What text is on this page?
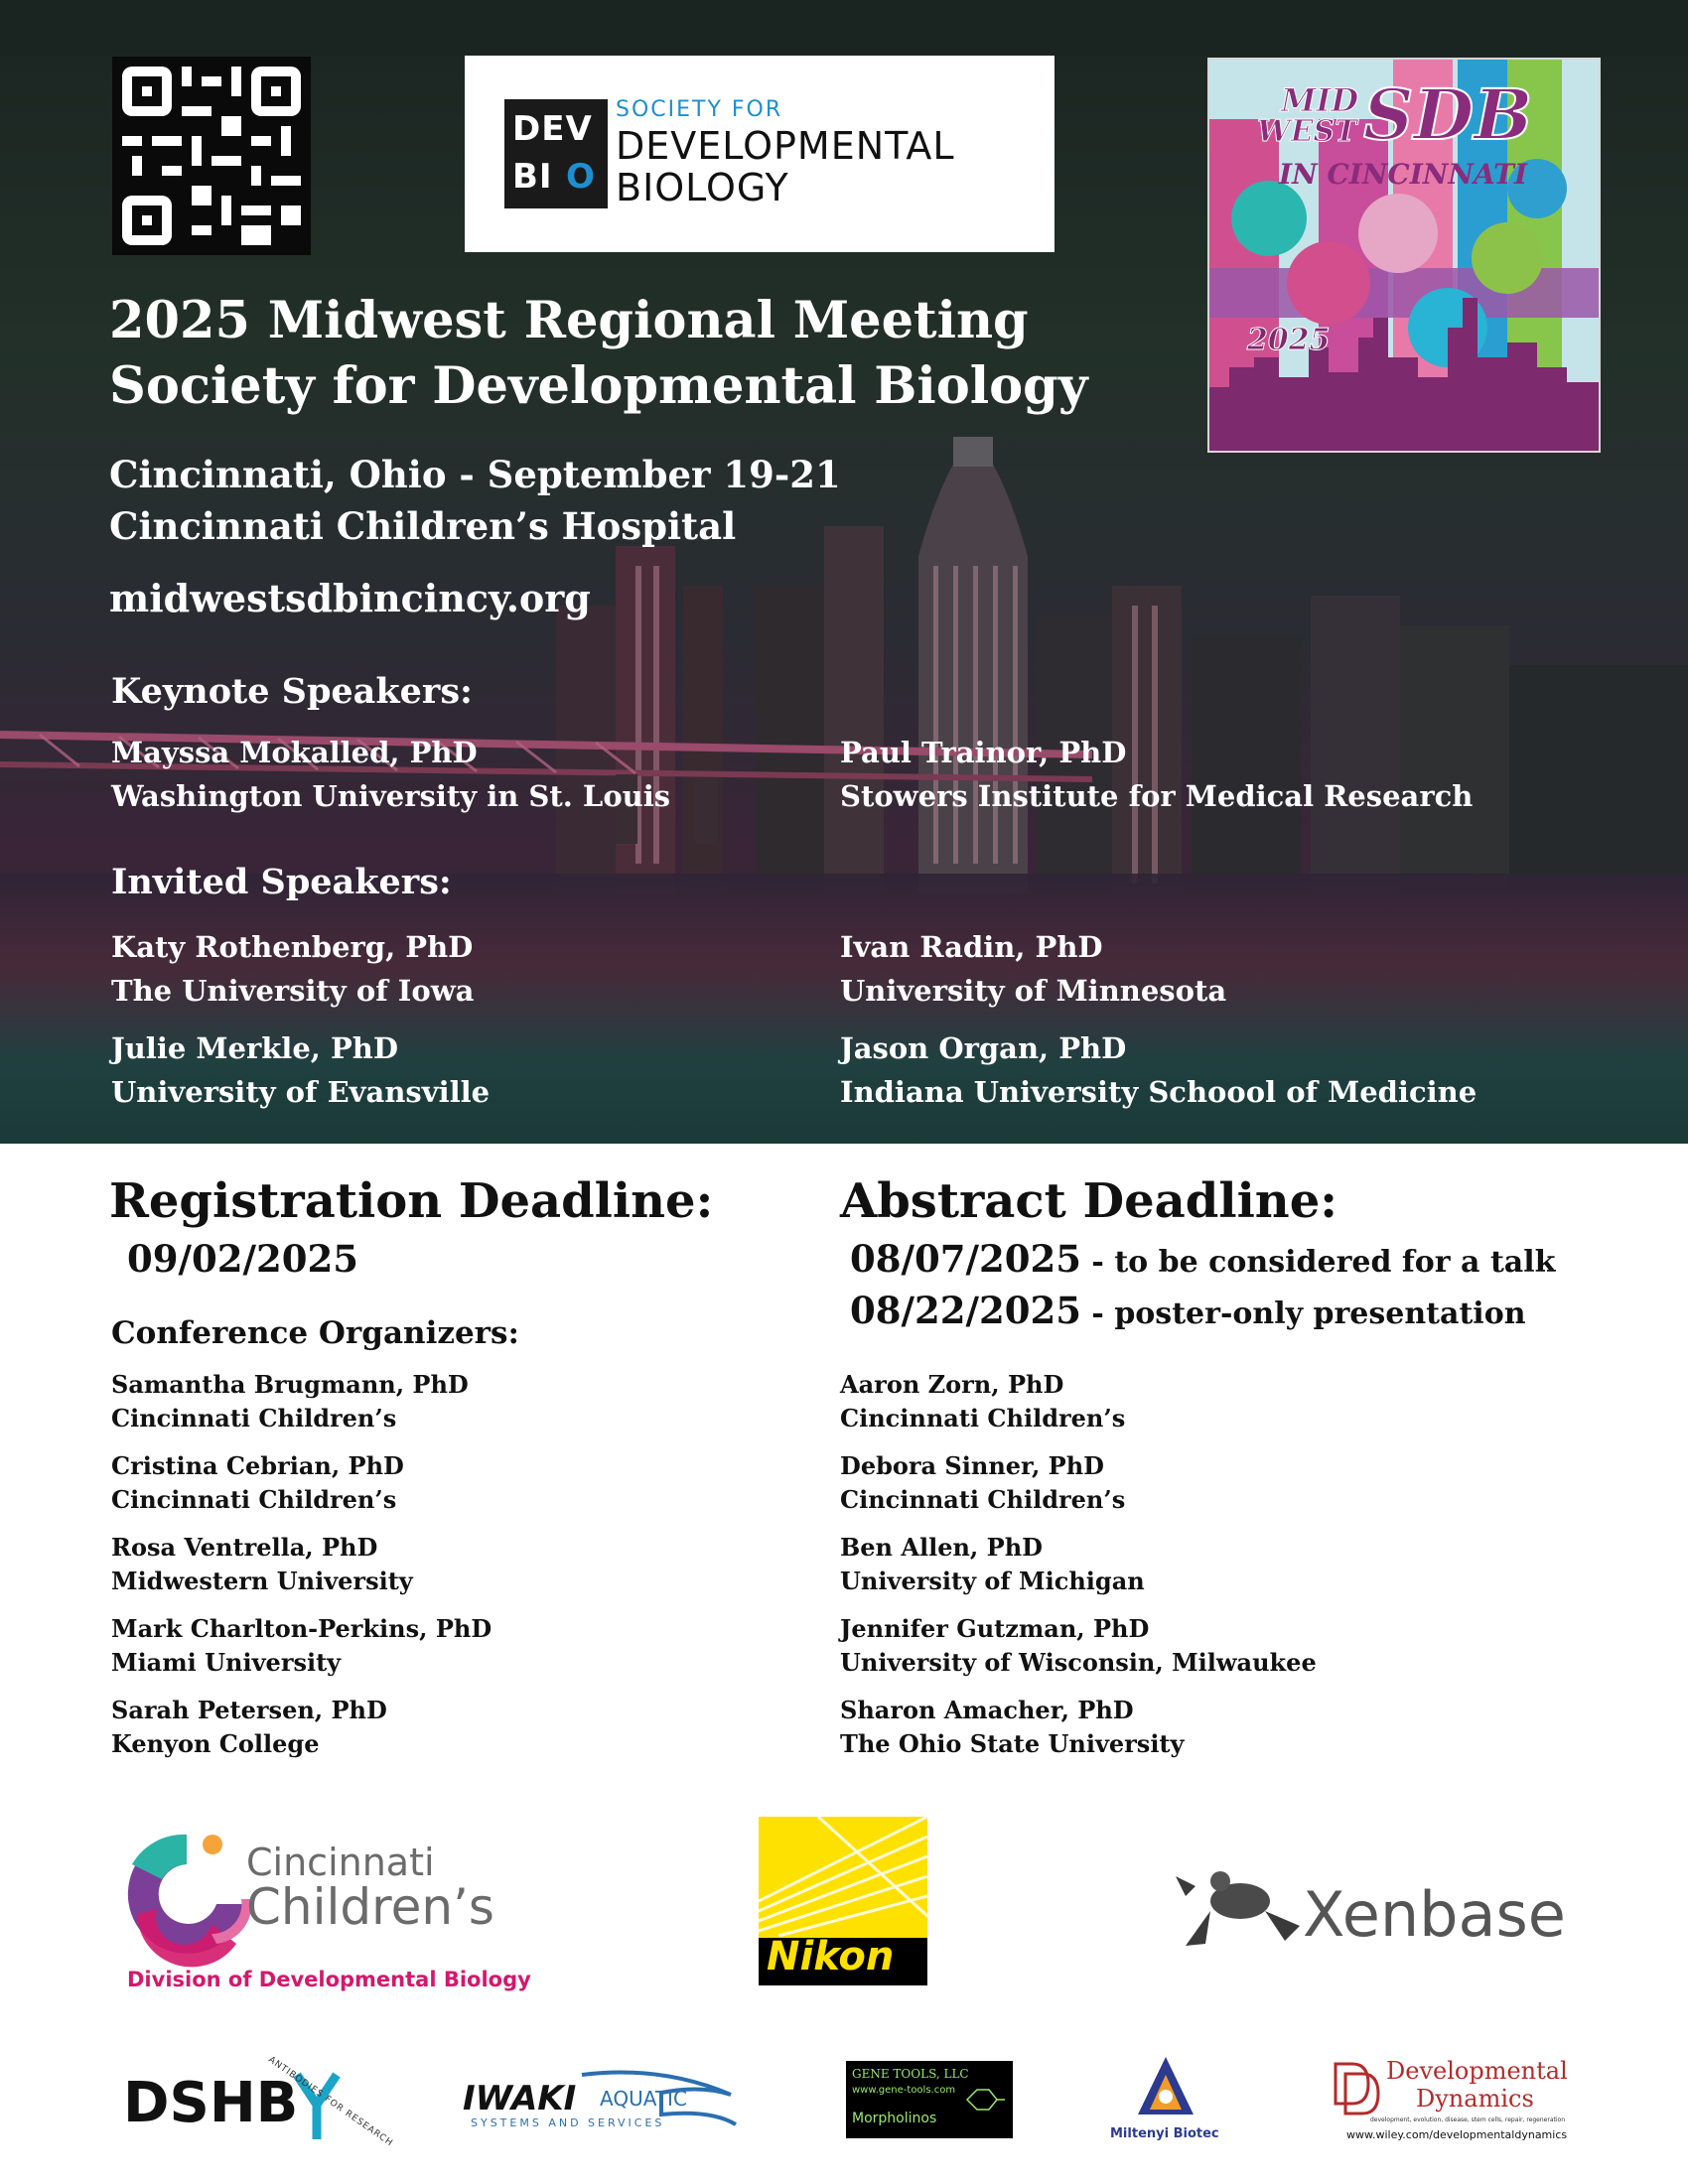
DEV
BI O
SOCIETY FOR
DEVELOPMENTAL
BIOLOGY
MID
WEST SDB
IN CINCINNATI
2025
2025 Midwest Regional Meeting
Society for Developmental Biology
Cincinnati, Ohio - September 19-21
Cincinnati Children’s Hospital
midwestsdbincincy.org
Keynote Speakers:
Mayssa Mokalled, PhD
Washington University in St. Louis
Paul Trainor, PhD
Stowers Institute for Medical Research
Invited Speakers:
Katy Rothenberg, PhD
The University of Iowa
Ivan Radin, PhD
University of Minnesota
Julie Merkle, PhD
University of Evansville
Jason Organ, PhD
Indiana University Schoool of Medicine
Registration Deadline:
09/02/2025
Abstract Deadline:
08/07/2025 - to be considered for a talk
08/22/2025 - poster-only presentation
Conference Organizers:
Samantha Brugmann, PhD
Cincinnati Children’s
Cristina Cebrian, PhD
Cincinnati Children’s
Rosa Ventrella, PhD
Midwestern University
Mark Charlton-Perkins, PhD
Miami University
Sarah Petersen, PhD
Kenyon College
Aaron Zorn, PhD
Cincinnati Children’s
Debora Sinner, PhD
Cincinnati Children’s
Ben Allen, PhD
University of Michigan
Jennifer Gutzman, PhD
University of Wisconsin, Milwaukee
Sharon Amacher, PhD
The Ohio State University
Cincinnati
Children’s
Division of Developmental Biology	Nikon
Xenbase
DSHB
ANTIBODIES FOR RESEARCH IWAKI AQUATIC
SYSTEMS AND SERVICES
GENE TOOLS, LLC
www.gene-tools.com
Morpholinos
Miltenyi Biotec
Developmental
Dynamics
development, evolution, disease, stem cells, repair, regeneration
www.wiley.com/developmentaldynamics
